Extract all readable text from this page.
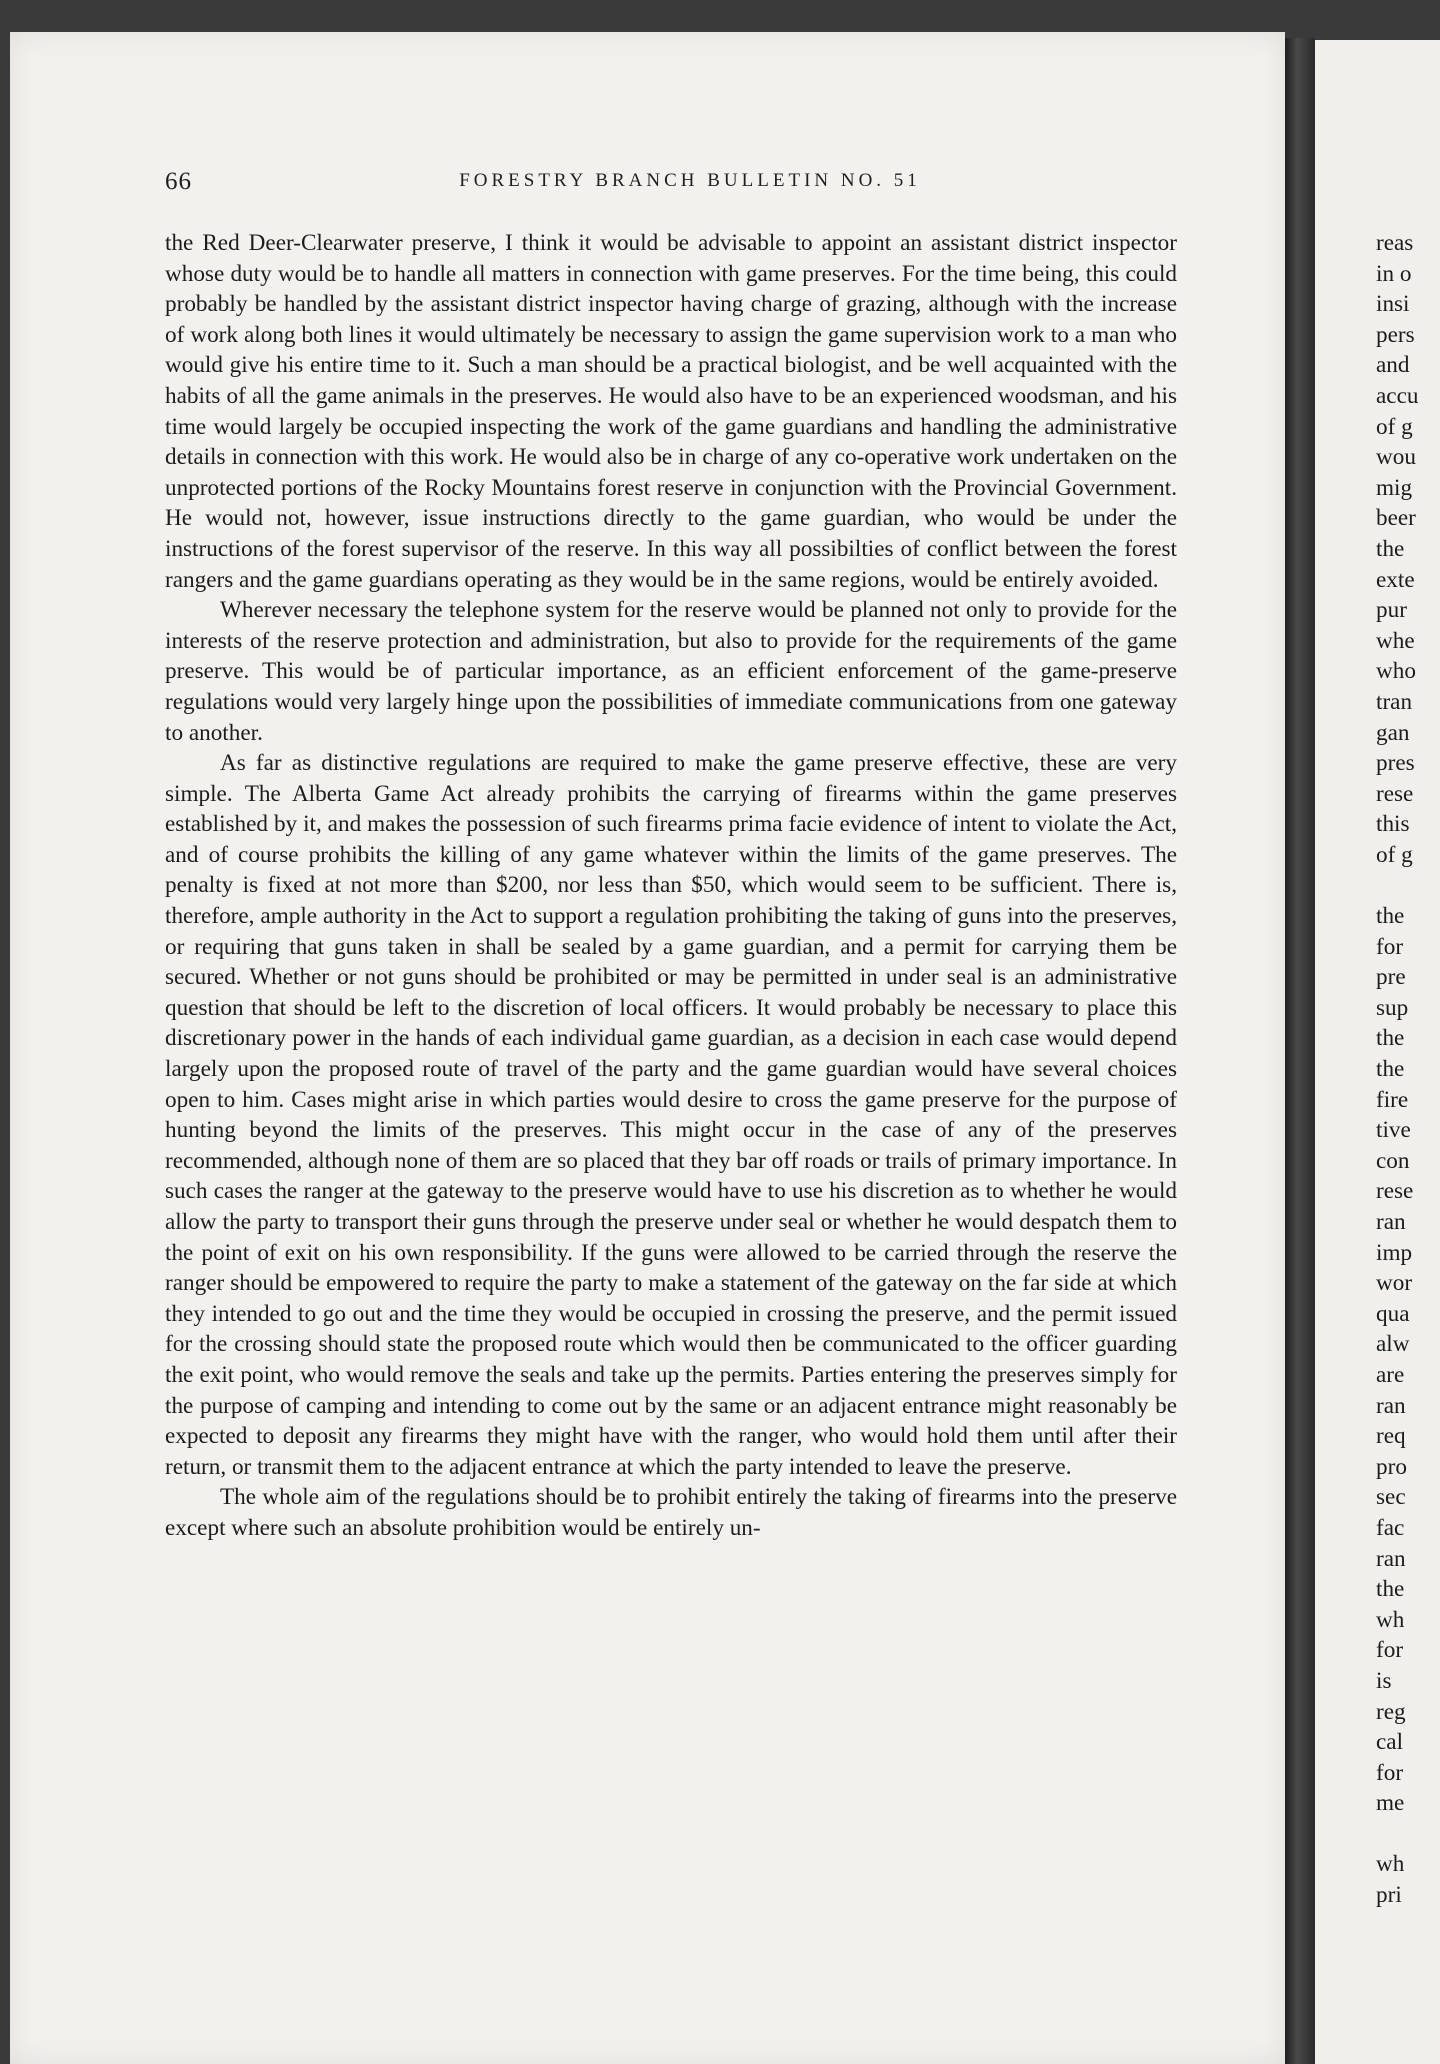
66	FORESTRY BRANCH BULLETIN NO. 51

the Red Deer-Clearwater preserve, I think it would be advisable to appoint an assistant district inspector whose duty would be to handle all matters in connection with game preserves. For the time being, this could probably be handled by the assistant district inspector having charge of grazing, although with the increase of work along both lines it would ultimately be necessary to assign the game supervision work to a man who would give his entire time to it. Such a man should be a practical biologist, and be well acquainted with the habits of all the game animals in the preserves. He would also have to be an experienced woodsman, and his time would largely be occupied inspecting the work of the game guardians and handling the administrative details in connection with this work. He would also be in charge of any co-operative work undertaken on the unprotected portions of the Rocky Mountains forest reserve in conjunction with the Provincial Government. He would not, however, issue instructions directly to the game guardian, who would be under the instructions of the forest supervisor of the reserve. In this way all possibilties of conflict between the forest rangers and the game guardians operating as they would be in the same regions, would be entirely avoided.

Wherever necessary the telephone system for the reserve would be planned not only to provide for the interests of the reserve protection and administration, but also to provide for the requirements of the game preserve. This would be of particular importance, as an efficient enforcement of the game-preserve regulations would very largely hinge upon the possibilities of immediate communications from one gateway to another.

As far as distinctive regulations are required to make the game preserve effective, these are very simple. The Alberta Game Act already prohibits the carrying of firearms within the game preserves established by it, and makes the possession of such firearms prima facie evidence of intent to violate the Act, and of course prohibits the killing of any game whatever within the limits of the game preserves. The penalty is fixed at not more than $200, nor less than $50, which would seem to be sufficient. There is, therefore, ample authority in the Act to support a regulation prohibiting the taking of guns into the preserves, or requiring that guns taken in shall be sealed by a game guardian, and a permit for carrying them be secured. Whether or not guns should be prohibited or may be permitted in under seal is an administrative question that should be left to the discretion of local officers. It would probably be necessary to place this discretionary power in the hands of each individual game guardian, as a decision in each case would depend largely upon the proposed route of travel of the party and the game guardian would have several choices open to him. Cases might arise in which parties would desire to cross the game preserve for the purpose of hunting beyond the limits of the preserves. This might occur in the case of any of the preserves recommended, although none of them are so placed that they bar off roads or trails of primary importance. In such cases the ranger at the gateway to the preserve would have to use his discretion as to whether he would allow the party to transport their guns through the preserve under seal or whether he would despatch them to the point of exit on his own responsibility. If the guns were allowed to be carried through the reserve the ranger should be empowered to require the party to make a statement of the gateway on the far side at which they intended to go out and the time they would be occupied in crossing the preserve, and the permit issued for the crossing should state the proposed route which would then be communicated to the officer guarding the exit point, who would remove the seals and take up the permits. Parties entering the preserves simply for the purpose of camping and intending to come out by the same or an adjacent entrance might reasonably be expected to deposit any firearms they might have with the ranger, who would hold them until after their return, or transmit them to the adjacent entrance at which the party intended to leave the preserve.

The whole aim of the regulations should be to prohibit entirely the taking of firearms into the preserve except where such an absolute prohibition would be entirely un-

reas
in o
insi
pers
and
accu
of g
wou
mig
beer
the
exte
pur
whe
who
tran
gan
pres
rese
this
of g
the
for
pre
sup
the
the
fire
tive
con
rese
ran
imp
wor
qua
alw
are
ran
req
pro
sec
fac
ran
the
wh
for
is
reg
cal
for
me
wh
pri
